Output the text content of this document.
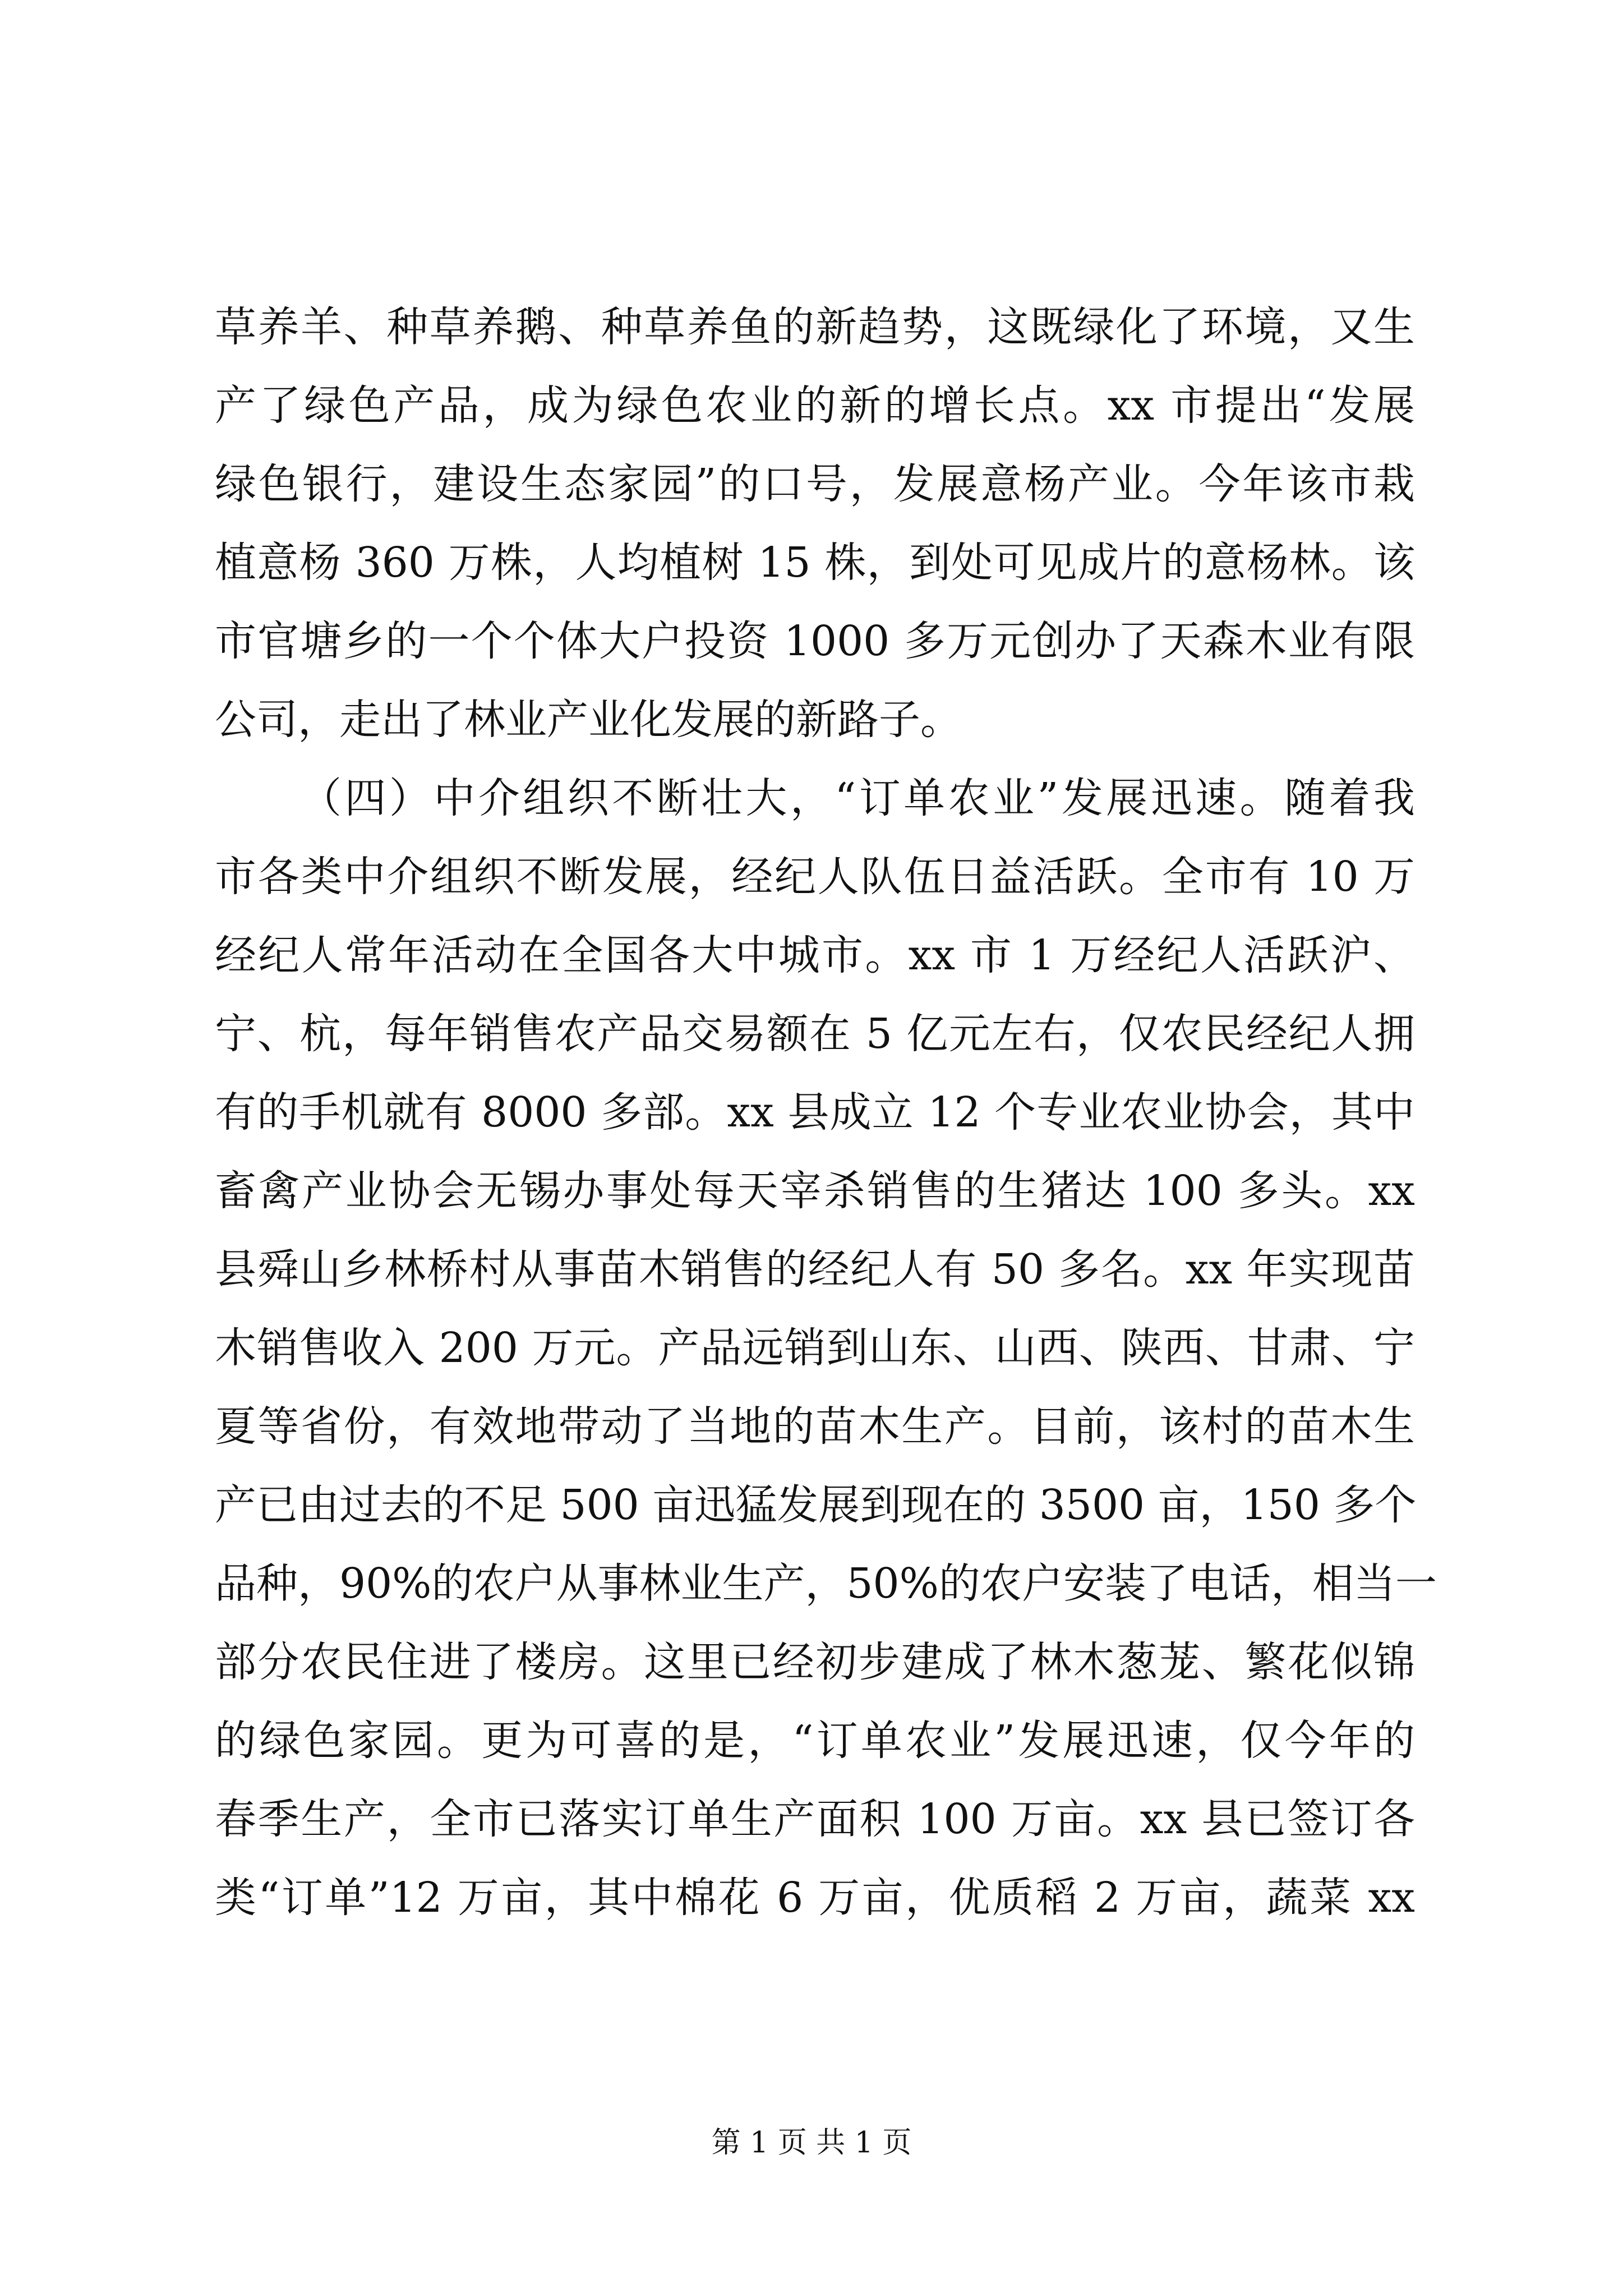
草养羊、种草养鹅、种草养鱼的新趋势，这既绿化了环境，又生
产了绿色产品，成为绿色农业的新的增长点。xx 市提出“发展
绿色银行，建设生态家园”的口号，发展意杨产业。今年该市栽
植意杨 360 万株，人均植树 15 株，到处可见成片的意杨林。该
市官塘乡的一个个体大户投资 1000 多万元创办了天森木业有限
公司，走出了林业产业化发展的新路子。
（四）中介组织不断壮大，“订单农业”发展迅速。随着我
市各类中介组织不断发展，经纪人队伍日益活跃。全市有 10 万
经纪人常年活动在全国各大中城市。xx 市 1 万经纪人活跃沪、
宁、杭，每年销售农产品交易额在 5 亿元左右，仅农民经纪人拥
有的手机就有 8000 多部。xx 县成立 12 个专业农业协会，其中
畜禽产业协会无锡办事处每天宰杀销售的生猪达 100 多头。xx
县舜山乡林桥村从事苗木销售的经纪人有 50 多名。xx 年实现苗
木销售收入 200 万元。产品远销到山东、山西、陕西、甘肃、宁
夏等省份，有效地带动了当地的苗木生产。目前，该村的苗木生
产已由过去的不足 500 亩迅猛发展到现在的 3500 亩，150 多个
品种，90%的农户从事林业生产，50%的农户安装了电话，相当一
部分农民住进了楼房。这里已经初步建成了林木葱茏、繁花似锦
的绿色家园。更为可喜的是，“订单农业”发展迅速，仅今年的
春季生产，全市已落实订单生产面积 100 万亩。xx 县已签订各
类“订单”12 万亩，其中棉花 6 万亩，优质稻 2 万亩，蔬菜 xx
第 1 页 共 1 页
